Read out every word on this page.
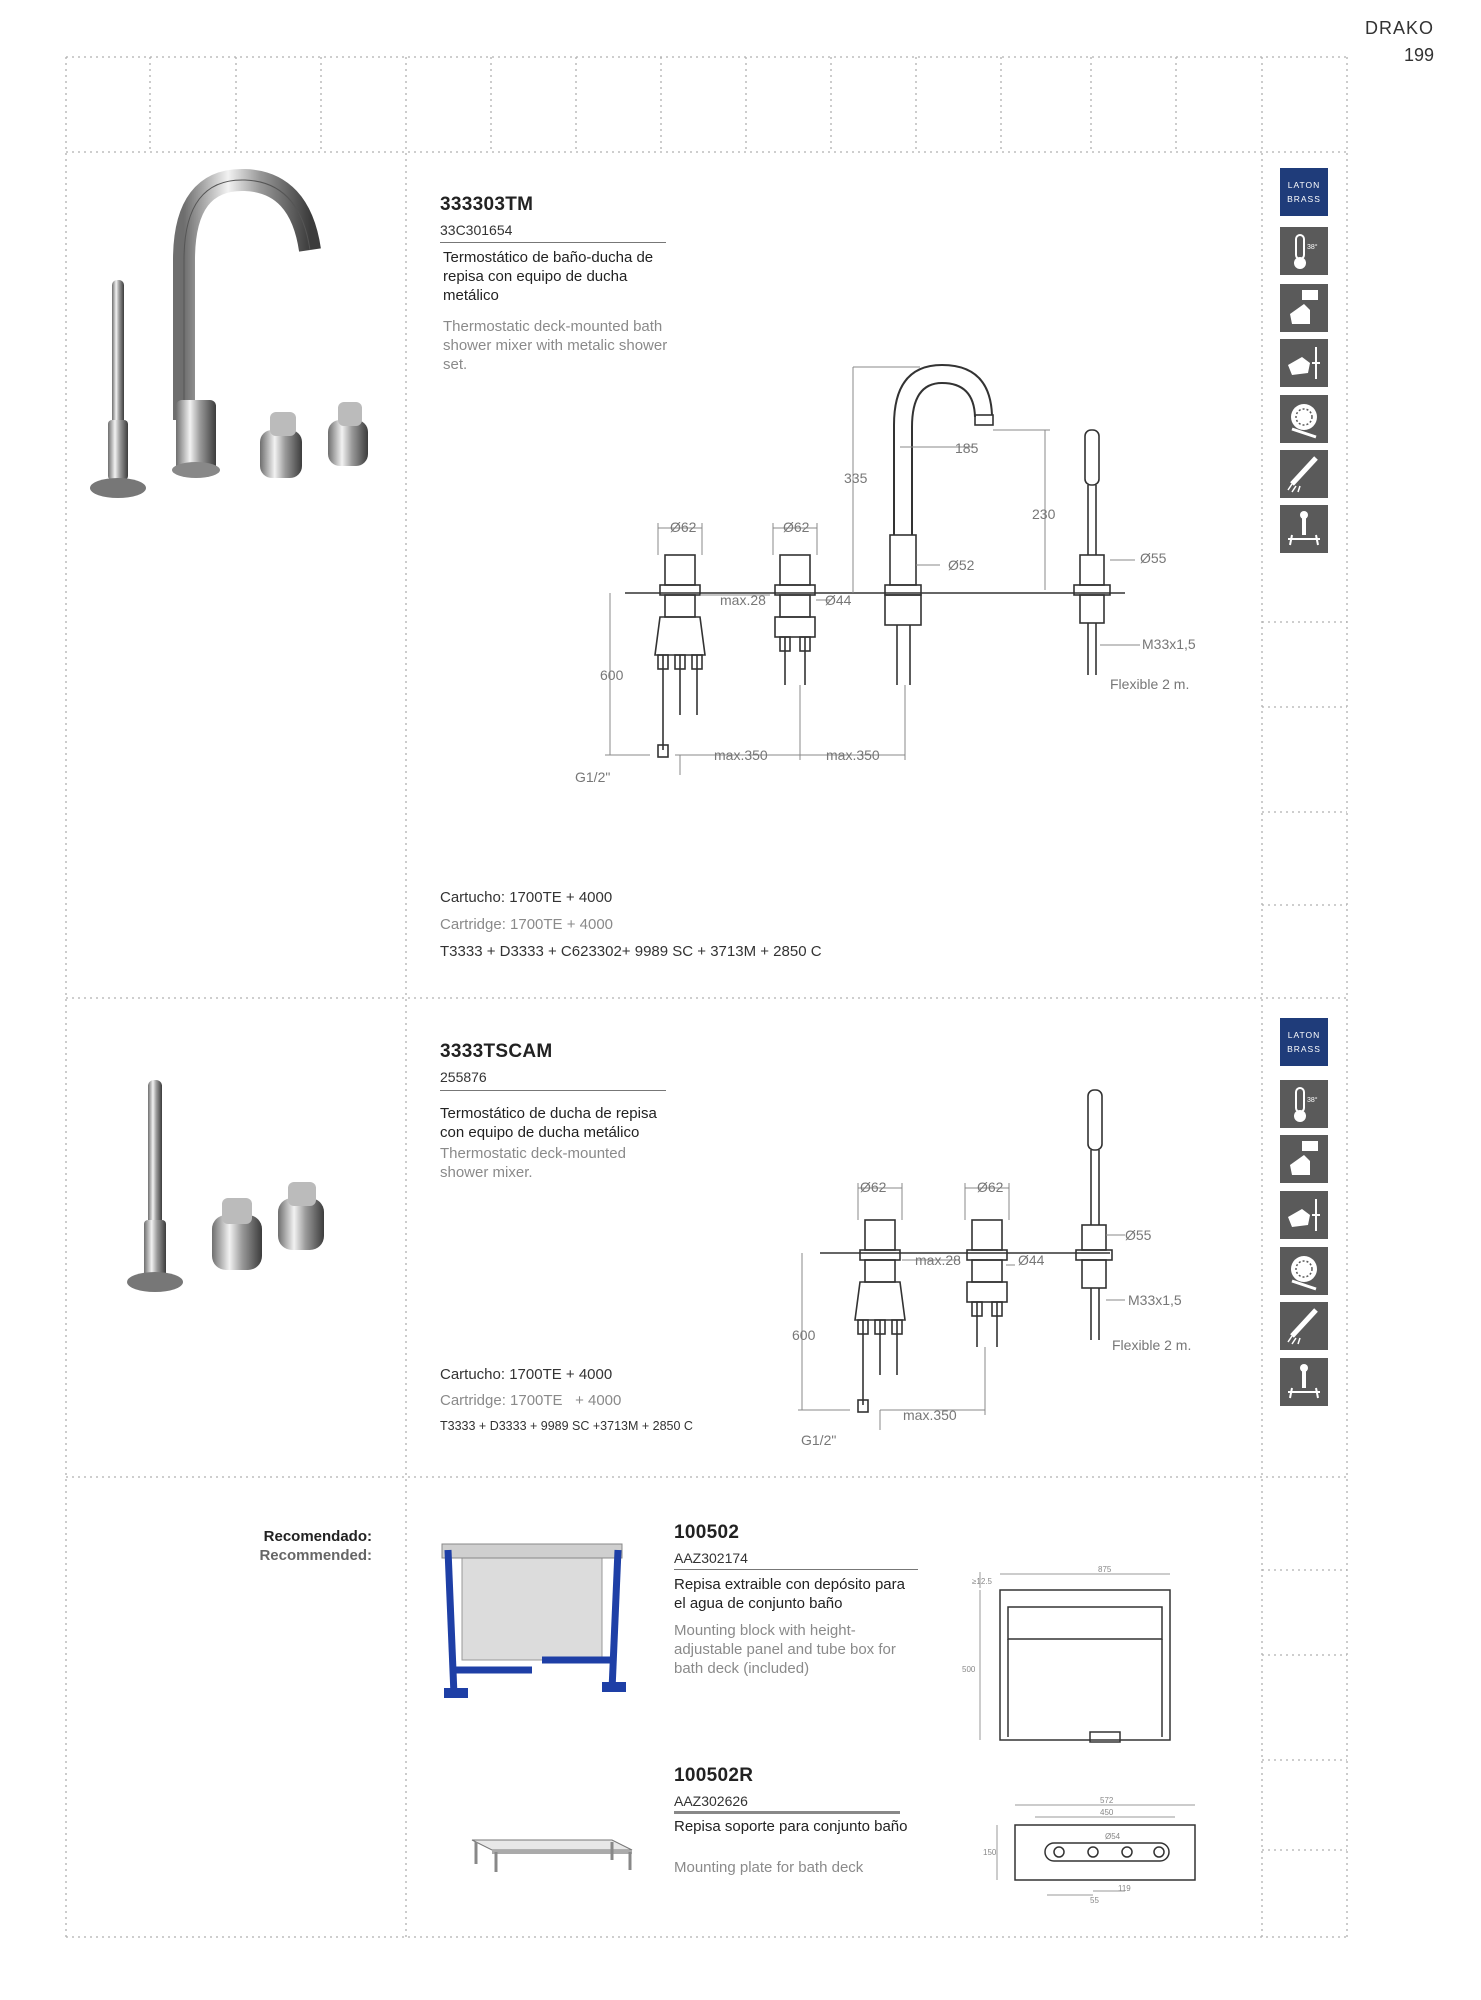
DRAKO
199
333303TM
33C301654
Termostático de baño-ducha de repisa con equipo de ducha metálico
Thermostatic deck-mounted bath shower mixer with metalic shower set.
Ø62	Ø62
max.28	Ø44
Ø52	Ø55
335
185
230
600
M33x1,5
Flexible 2 m.
max.350	max.350
G1/2"
Cartucho: 1700TE + 4000
Cartridge: 1700TE + 4000
T3333 + D3333 + C623302+ 9989 SC + 3713M + 2850 C
LATON
BRASS
38°
3333TSCAM
255876
Termostático de ducha de repisa con equipo de ducha metálico
Thermostatic deck-mounted shower mixer.
Ø62	Ø62
max.28	Ø44
Ø55
M33x1,5
Flexible 2 m.
600
max.350
G1/2"
Cartucho: 1700TE + 4000
Cartridge: 1700TE   + 4000
T3333 + D3333 + 9989 SC +3713M + 2850 C
LATON
BRASS
38°
Recomendado:
Recommended:
100502
AAZ302174
Repisa extraible con depósito para el agua de conjunto baño
Mounting block with height-adjustable panel and tube box for bath deck (included)
875
≥12.5
500
100502R
AAZ302626
Repisa soporte para conjunto baño
Mounting plate for bath deck
572
450
Ø54
150
55
119
